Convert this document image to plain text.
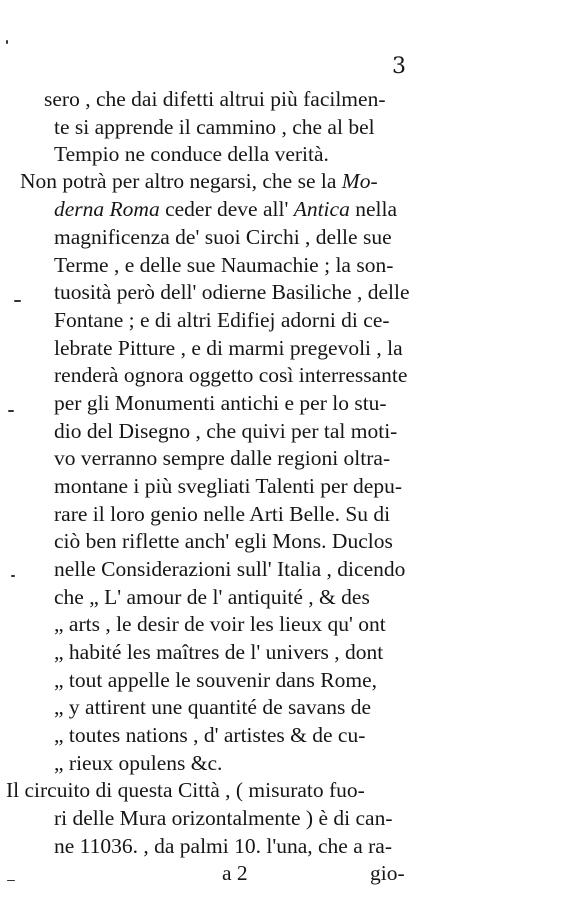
3
sero , che dai difetti altrui più facilmen-
te si apprende il cammino , che al bel
Tempio ne conduce della verità.
Non potrà per altro negarsi, che se la Mo-
derna Roma ceder deve all' Antica nella
magnificenza de' suoi Circhi , delle sue
Terme , e delle sue Naumachie ; la son-
tuosità però dell' odierne Basiliche , delle
Fontane ; e di altri Edifiej adorni di ce-
lebrate Pitture , e di marmi pregevoli , la
renderà ognora oggetto così interressante
per gli Monumenti antichi e per lo stu-
dio del Disegno , che quivi per tal moti-
vo verranno sempre dalle regioni oltra-
montane i più svegliati Talenti per depu-
rare il loro genio nelle Arti Belle. Su di
ciò ben riflette anch' egli Mons. Duclos
nelle Considerazioni sull' Italia , dicendo
che „ L' amour de l' antiquité , & des
„ arts , le desir de voir les lieux qu' ont
„ habité les maîtres de l' univers , dont
„ tout appelle le souvenir dans Rome,
„ y attirent une quantité de savans de
„ toutes nations , d' artistes & de cu-
„ rieux opulens &c.
Il circuito di questa Città , ( misurato fuo-
ri delle Mura orizontalmente ) è di can-
ne 11036. , da palmi 10. l'una, che a ra-
a 2	gio-
